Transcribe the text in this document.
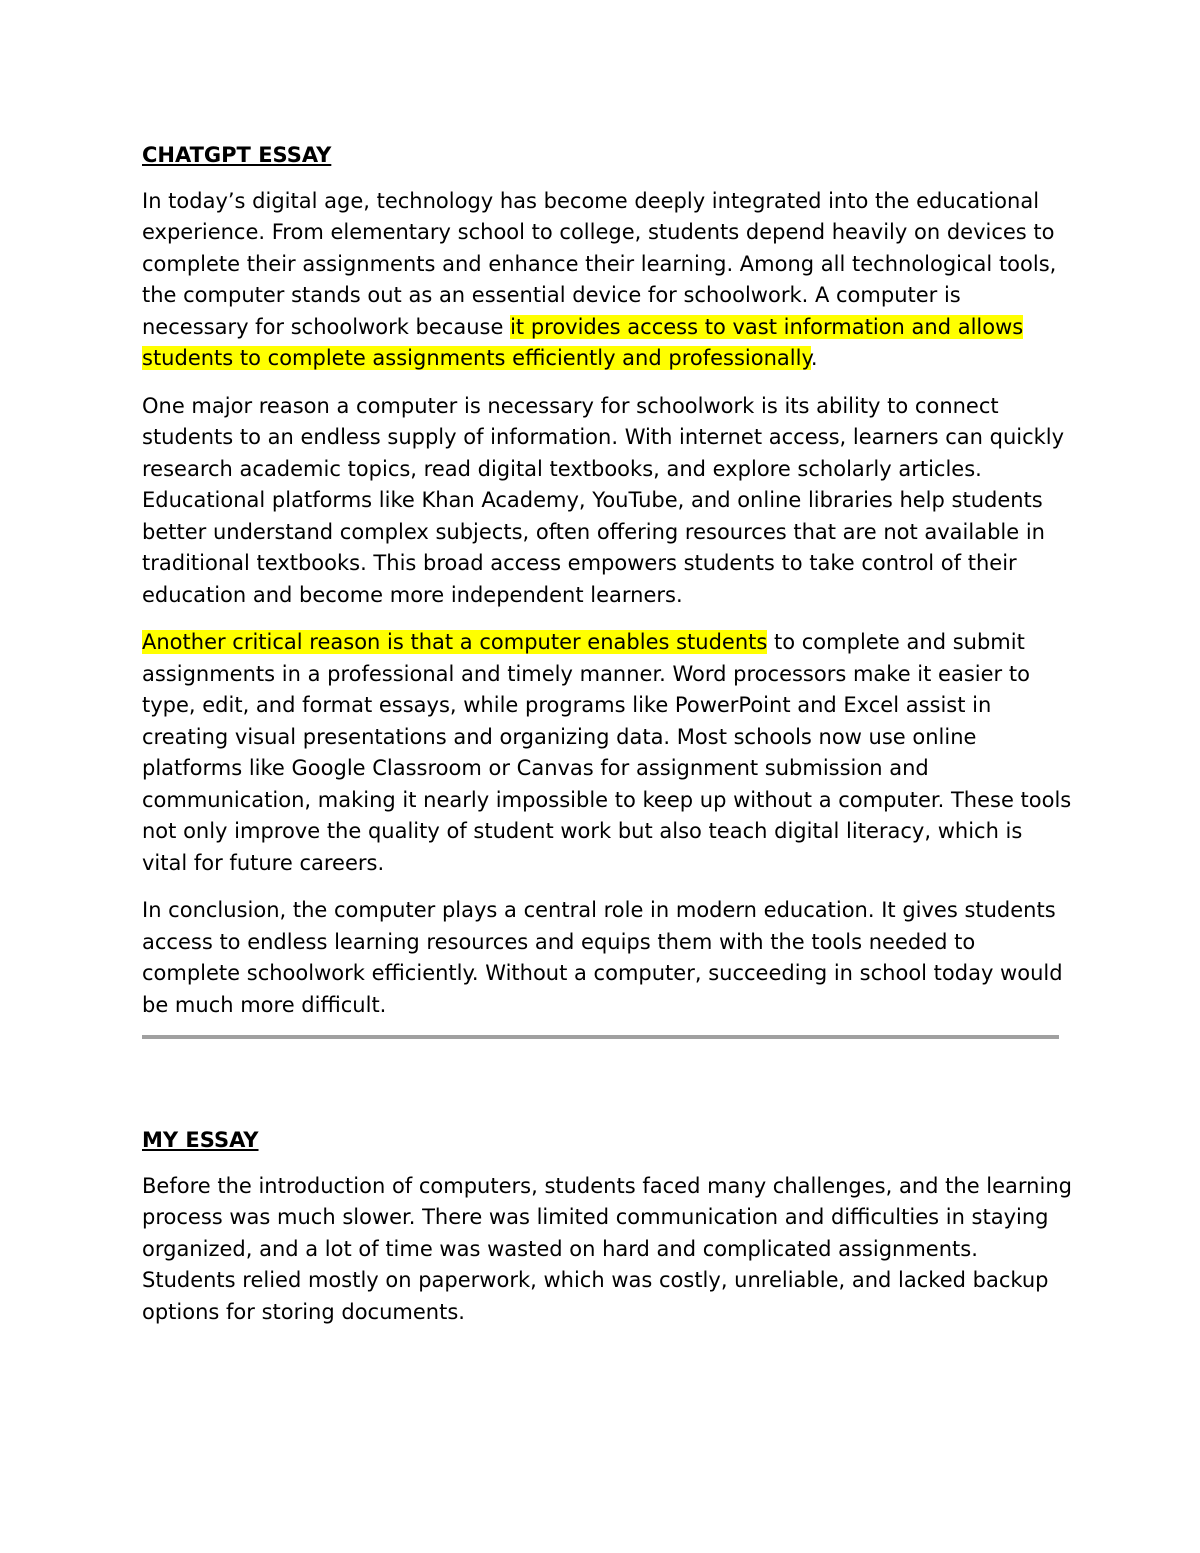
CHATGPT ESSAY

In today’s digital age, technology has become deeply integrated into the educational experience. From elementary school to college, students depend heavily on devices to complete their assignments and enhance their learning. Among all technological tools, the computer stands out as an essential device for schoolwork. A computer is necessary for schoolwork because it provides access to vast information and allows students to complete assignments efficiently and professionally.

One major reason a computer is necessary for schoolwork is its ability to connect students to an endless supply of information. With internet access, learners can quickly research academic topics, read digital textbooks, and explore scholarly articles. Educational platforms like Khan Academy, YouTube, and online libraries help students better understand complex subjects, often offering resources that are not available in traditional textbooks. This broad access empowers students to take control of their education and become more independent learners.

Another critical reason is that a computer enables students to complete and submit assignments in a professional and timely manner. Word processors make it easier to type, edit, and format essays, while programs like PowerPoint and Excel assist in creating visual presentations and organizing data. Most schools now use online platforms like Google Classroom or Canvas for assignment submission and communication, making it nearly impossible to keep up without a computer. These tools not only improve the quality of student work but also teach digital literacy, which is vital for future careers.

In conclusion, the computer plays a central role in modern education. It gives students access to endless learning resources and equips them with the tools needed to complete schoolwork efficiently. Without a computer, succeeding in school today would be much more difficult.

MY ESSAY

Before the introduction of computers, students faced many challenges, and the learning process was much slower. There was limited communication and difficulties in staying organized, and a lot of time was wasted on hard and complicated assignments. Students relied mostly on paperwork, which was costly, unreliable, and lacked backup options for storing documents.
